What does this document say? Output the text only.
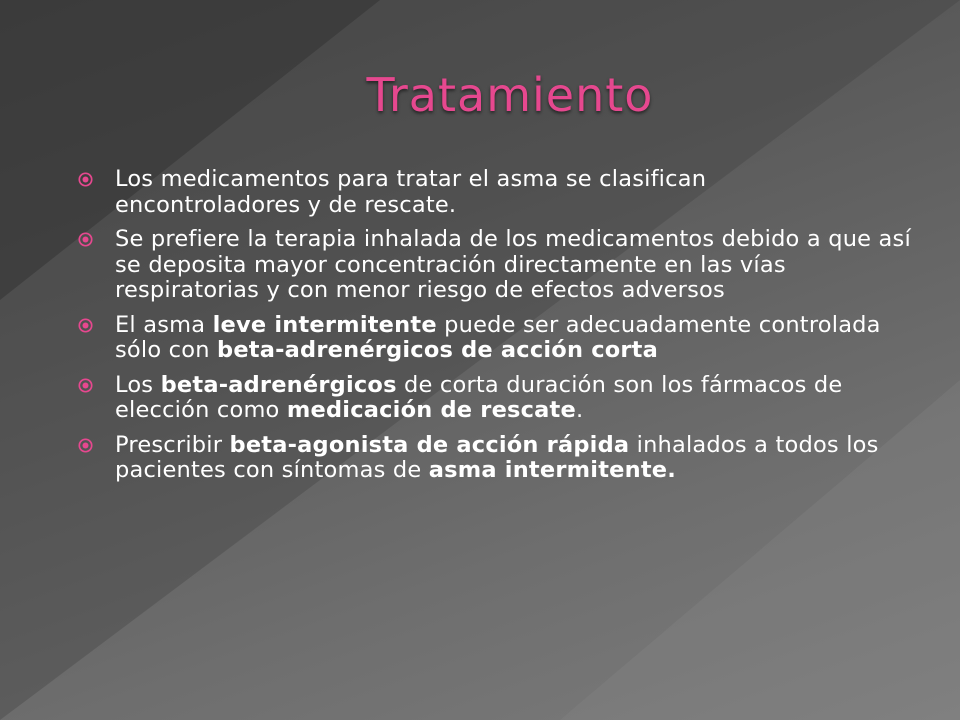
Tratamiento
Los medicamentos para tratar el asma se clasifican
encontroladores y de rescate.
Se prefiere la terapia inhalada de los medicamentos debido a que así se deposita mayor concentración directamente en las vías respiratorias y con menor riesgo de efectos adversos
El asma leve intermitente puede ser adecuadamente controlada sólo con beta-adrenérgicos de acción corta
Los beta-adrenérgicos de corta duración son los fármacos de elección como medicación de rescate.
Prescribir beta-agonista de acción rápida inhalados a todos los pacientes con síntomas de asma intermitente.
